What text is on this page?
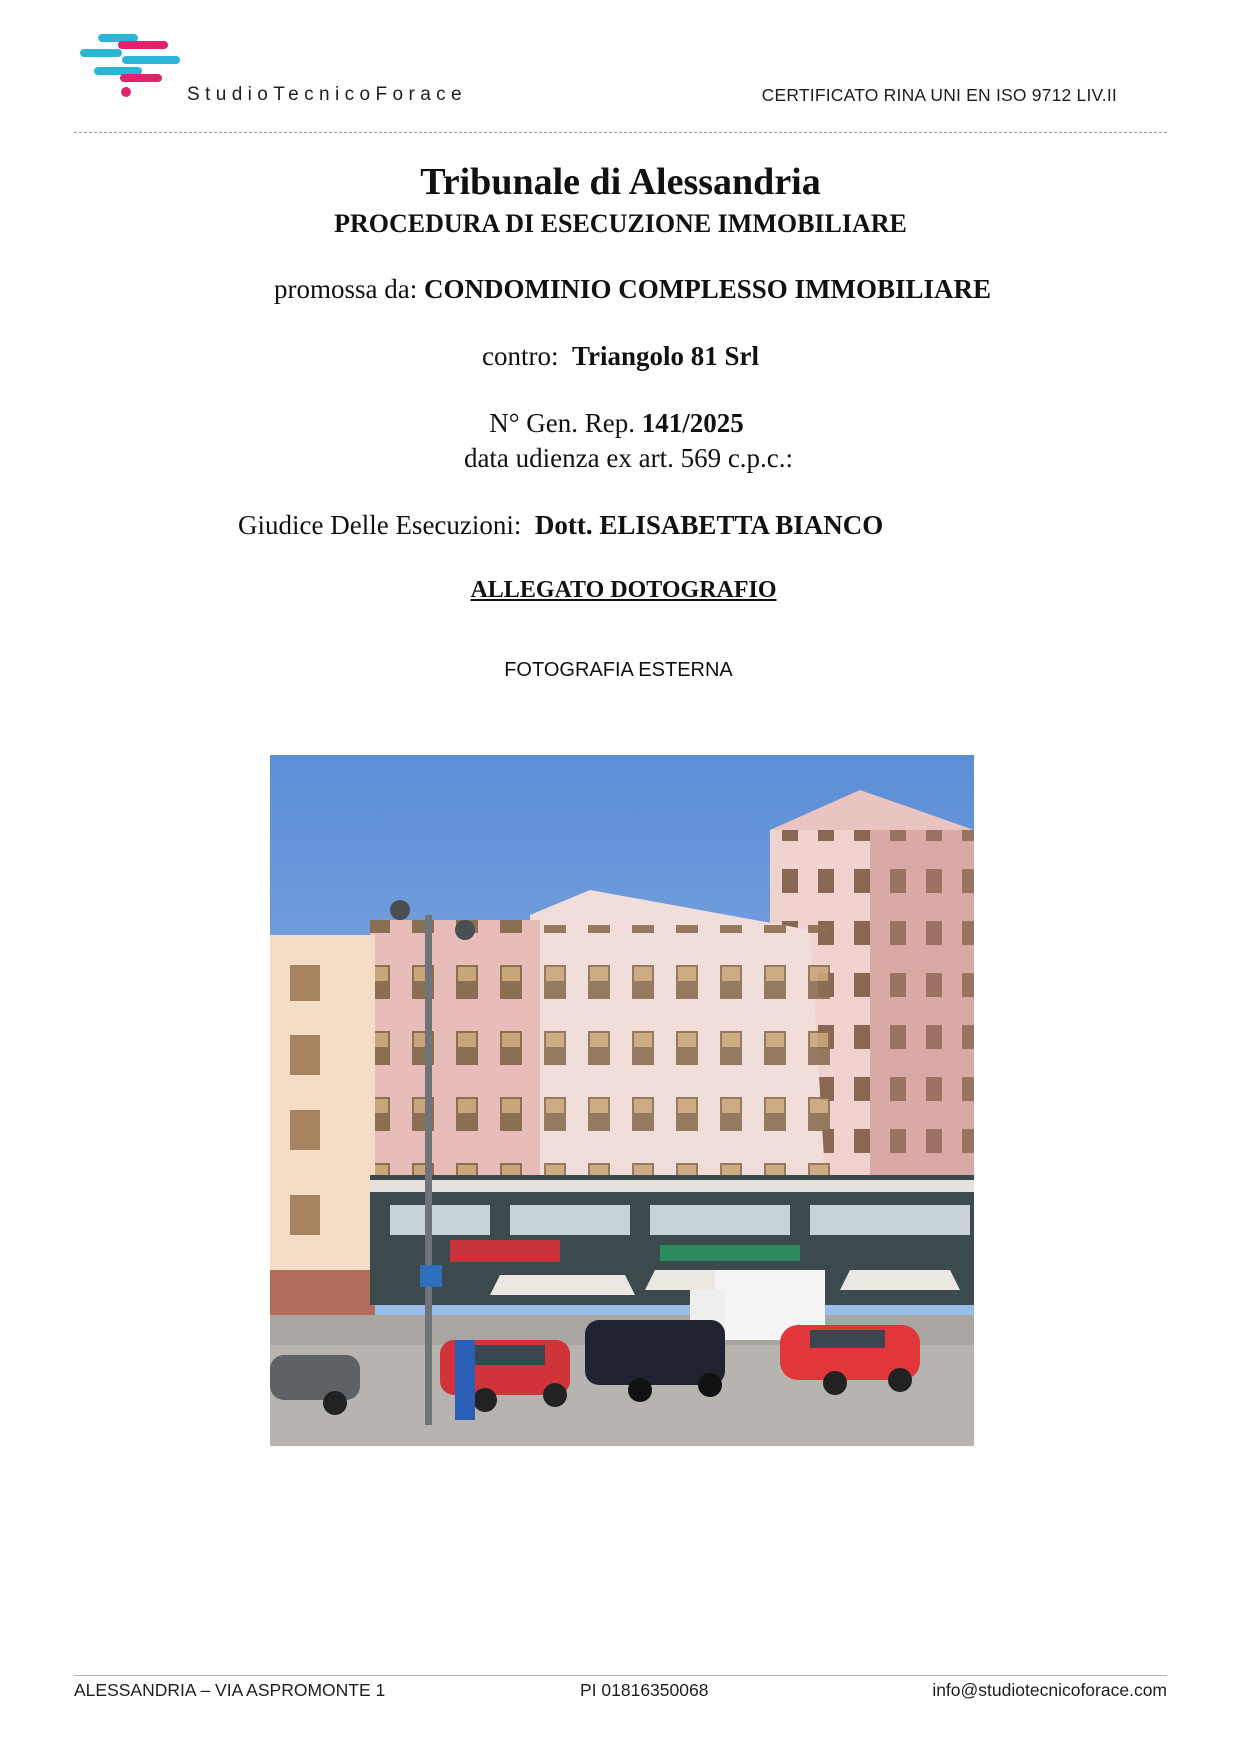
StudioTecnicoForace	CERTIFICATO RINA UNI EN ISO 9712 LIV.II
Tribunale di Alessandria
PROCEDURA DI ESECUZIONE IMMOBILIARE
promossa da: CONDOMINIO COMPLESSO IMMOBILIARE
contro: Triangolo 81 Srl
N° Gen. Rep. 141/2025
data udienza ex art. 569 c.p.c.:
Giudice Delle Esecuzioni: Dott. ELISABETTA BIANCO
ALLEGATO DOTOGRAFIO
FOTOGRAFIA ESTERNA
ALESSANDRIA – VIA ASPROMONTE 1	PI 01816350068	info@studiotecnicoforace.com
